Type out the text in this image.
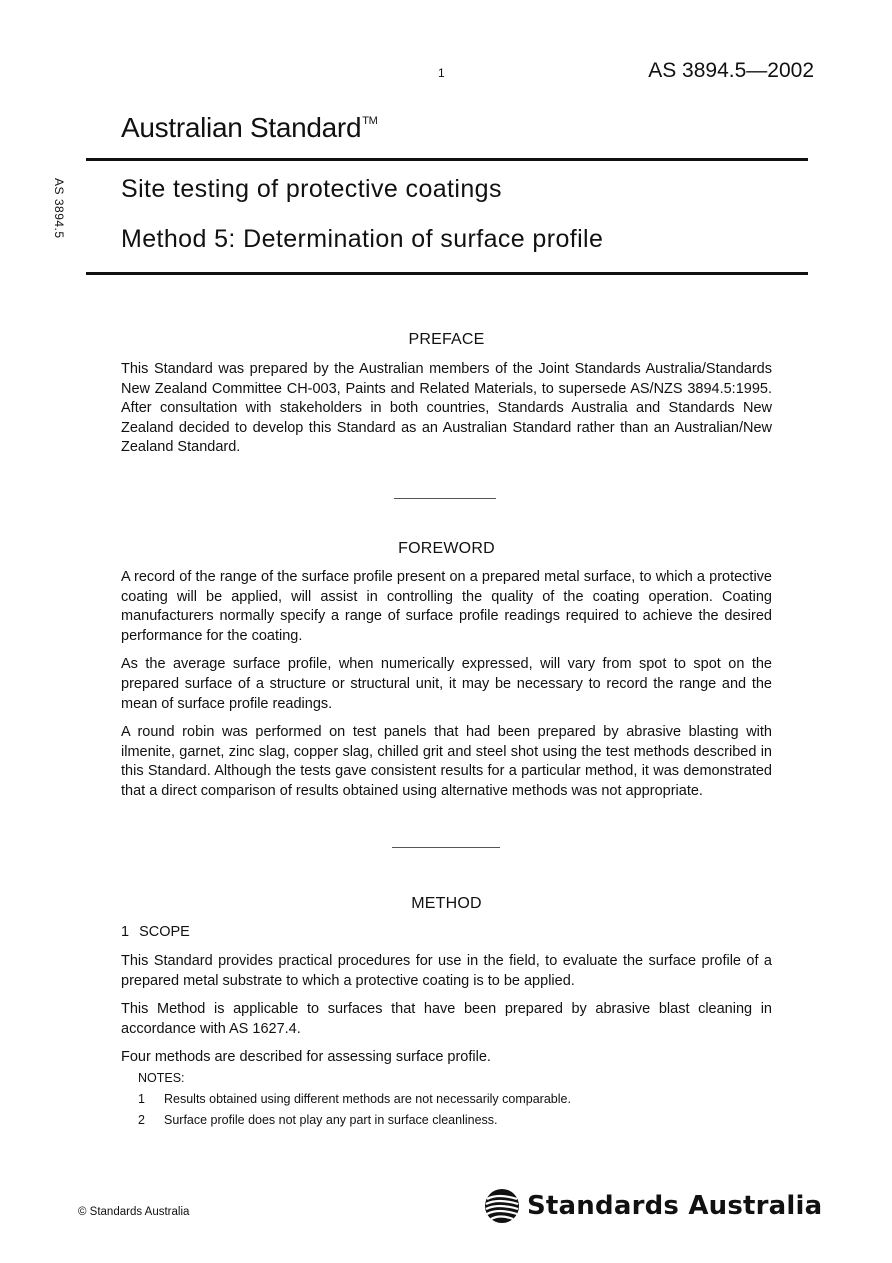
1	AS 3894.5—2002
AS 3894.5
Australian Standard™
Site testing of protective coatings
Method 5: Determination of surface profile
PREFACE

This Standard was prepared by the Australian members of the Joint Standards Australia/Standards New Zealand Committee CH-003, Paints and Related Materials, to supersede AS/NZS 3894.5:1995. After consultation with stakeholders in both countries, Standards Australia and Standards New Zealand decided to develop this Standard as an Australian Standard rather than an Australian/New Zealand Standard.

FOREWORD

A record of the range of the surface profile present on a prepared metal surface, to which a protective coating will be applied, will assist in controlling the quality of the coating operation. Coating manufacturers normally specify a range of surface profile readings required to achieve the desired performance for the coating.

As the average surface profile, when numerically expressed, will vary from spot to spot on the prepared surface of a structure or structural unit, it may be necessary to record the range and the mean of surface profile readings.

A round robin was performed on test panels that had been prepared by abrasive blasting with ilmenite, garnet, zinc slag, copper slag, chilled grit and steel shot using the test methods described in this Standard. Although the tests gave consistent results for a particular method, it was demonstrated that a direct comparison of results obtained using alternative methods was not appropriate.

METHOD
1 SCOPE

This Standard provides practical procedures for use in the field, to evaluate the surface profile of a prepared metal substrate to which a protective coating is to be applied.

This Method is applicable to surfaces that have been prepared by abrasive blast cleaning in accordance with AS 1627.4.

Four methods are described for assessing surface profile.

NOTES:
1	Results obtained using different methods are not necessarily comparable.
2	Surface profile does not play any part in surface cleanliness.
© Standards Australia	Standards Australia
